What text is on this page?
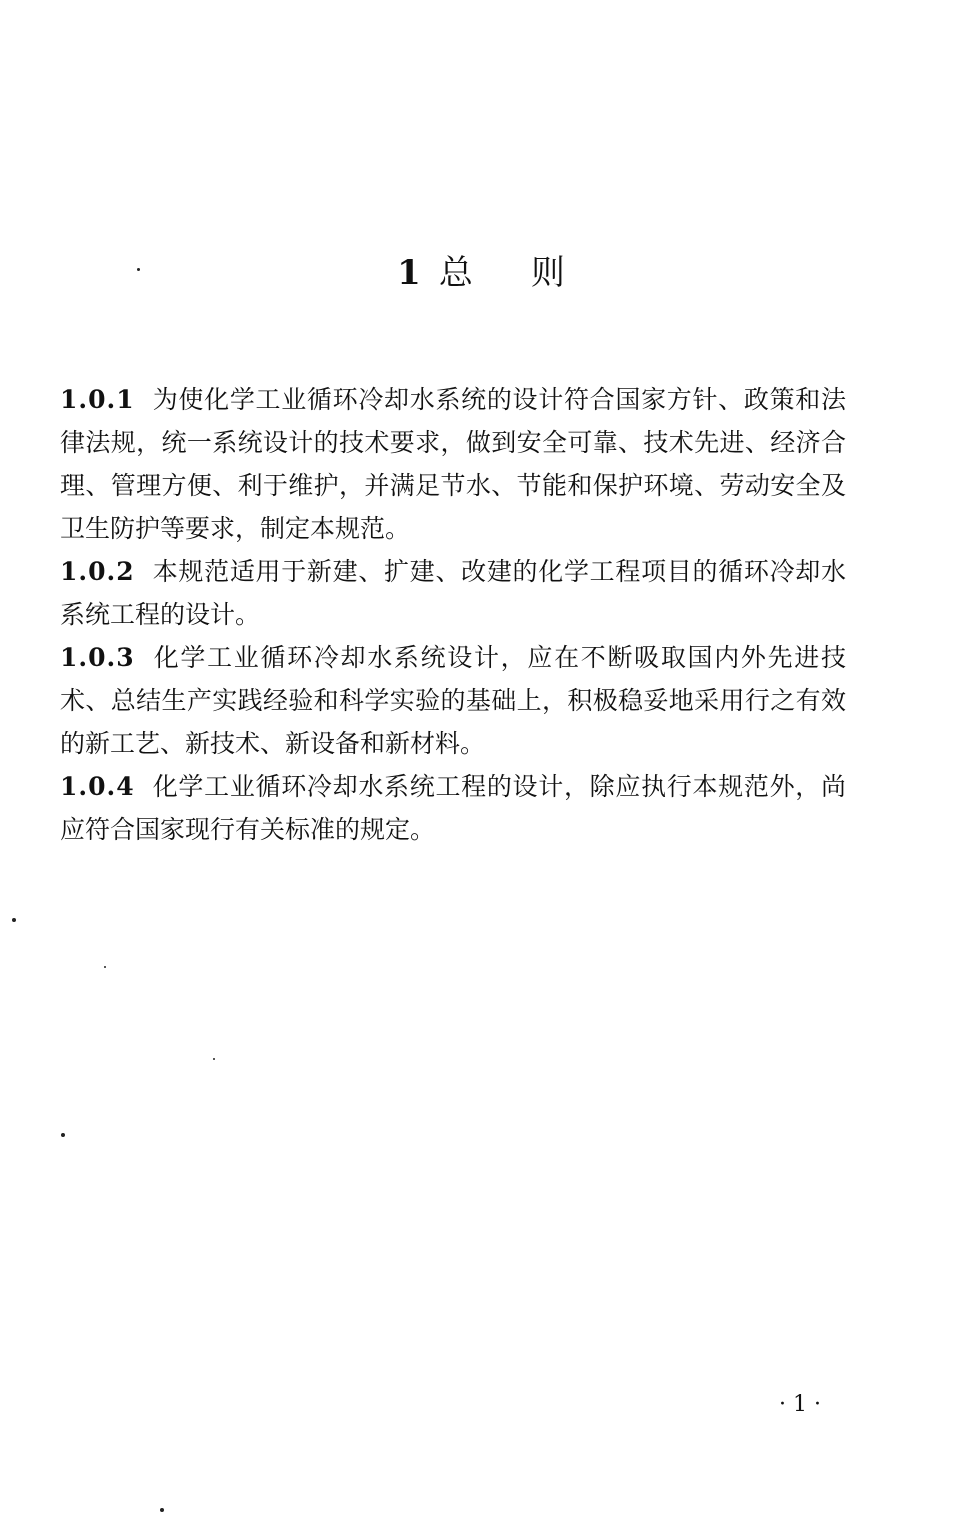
1 总 则

1.0.1 为使化学工业循环冷却水系统的设计符合国家方针、政策和法律法规，统一系统设计的技术要求，做到安全可靠、技术先进、经济合理、管理方便、利于维护，并满足节水、节能和保护环境、劳动安全及卫生防护等要求，制定本规范。

1.0.2 本规范适用于新建、扩建、改建的化学工程项目的循环冷却水系统工程的设计。

1.0.3 化学工业循环冷却水系统设计，应在不断吸取国内外先进技术、总结生产实践经验和科学实验的基础上，积极稳妥地采用行之有效的新工艺、新技术、新设备和新材料。

1.0.4 化学工业循环冷却水系统工程的设计，除应执行本规范外，尚应符合国家现行有关标准的规定。

· 1 ·
